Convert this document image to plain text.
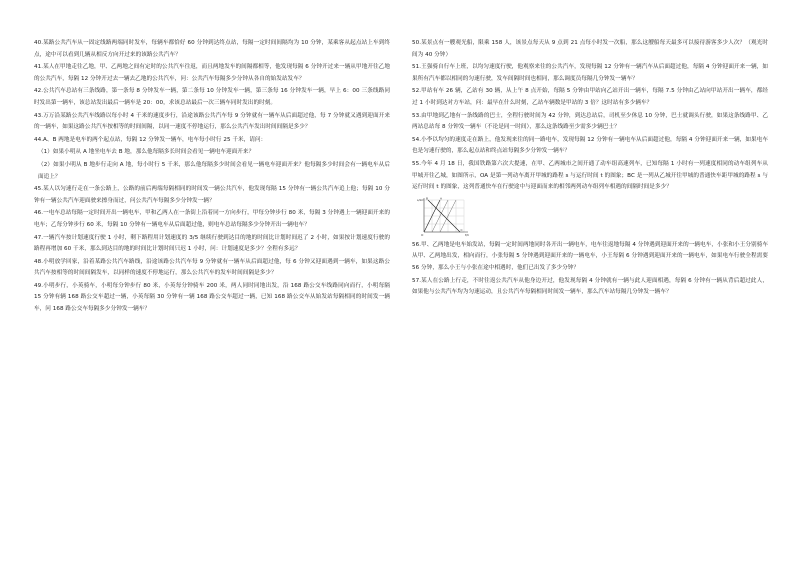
40.某路公共汽车从一固定线路两端同时发车，每辆车都恰好 60 分钟到达终点站，每隔一定时间间隔均为 10 分钟，某乘客从起点站上车到终点，途中可以看到几辆从相反方向开过来的该路公共汽车？

41.某人在甲地走往乙地，甲、乙两地之间有定时的公共汽车往返，而且两地发车的间隔都相等，他发现每隔 6 分钟开过来一辆从甲地开往乙地的公共汽车，每隔 12 分钟开过去一辆去乙地的公共汽车，问：公共汽车每隔多少分钟从各自的始发站发车？

42.公共汽车总站有三条线路，第一条每 8 分钟发车一辆，第二条每 10 分钟发车一辆，第三条每 16 分钟发车一辆，早上 6：00 三条线路同时发出第一辆车，该总站发出最后一辆车是 20：00，求该总站最后一次三辆车同时发出的时刻。

43.万万沿某路公共汽车线路以每小时 4 千米的速度步行，沿途该路公共汽车每 9 分钟就有一辆车从后面超过他，每 7 分钟就又遇到迎面开来的一辆车，如果这路公共汽车按相等的时间间隔，以同一速度不停地运行，那么公共汽车发出时间间隔是多少？

44.A、B 两地是电车的两个起点站，每隔 12 分钟发一辆车，电车每小时行 25 千米，请问：

（1）如果小明从 A 地坐电车去 B 地，那么他每隔多长时间会看见一辆电车迎面开来？

（2）如果小明从 B 地步行走向 A 地，每小时行 5 千米，那么他每隔多少时间会看见一辆电车迎面开来？他每隔多少时间会有一辆电车从后面追上？

45.某人以匀速行走在一条公路上，公路的前后两端每隔相同的时间发一辆公共汽车，他发现每隔 15 分钟有一辆公共汽车追上他；每隔 10 分钟有一辆公共汽车迎面驶来擦身而过，问公共汽车每隔多少分钟发一辆？

46.一电车总站每隔一定时间开出一辆电车，甲和乙两人在一条街上沿着同一方向步行，甲每分钟步行 80 米，每隔 3 分钟遇上一辆迎面开来的电车；乙每分钟步行 60 米，每隔 10 分钟有一辆电车从后面超过他，则电车总站每隔多少分钟开出一辆电车？

47.一辆汽车按计划速度行驶 1 小时，剩下路程用计划速度的 3/5 继续行驶到达目的地的时间比计划时间迟了 2 小时，如果按计划速度行驶的路程再增加 60 千米，那么到达目的地的时间比计划时间只迟 1 小时，问：计划速度是多少？全程有多远？

48.小明放学回家，沿着某路公共汽车路线，沿途该路公共汽车每 9 分钟就有一辆车从后面超过他，每 6 分钟又迎面遇到一辆车，如果这路公共汽车按相等的时间间隔发车，以同样的速度不停地运行，那么公共汽车的发车时间间隔是多少？

49.小明步行，小英骑车，小明每分钟步行 80 米，小英每分钟骑车 200 米，两人同时同地出发，沿 168 路公交车线路同向而行，小明每隔 15 分钟有辆 168 路公交车超过一辆，小英每隔 30 分钟有一辆 168 路公交车超过一辆，已知 168 路公交车从始发站每隔相同的时间发一辆车，问 168 路公交车每隔多少分钟发一辆车？

50.某景点有一艘观光船，限乘 158 人，该景点每天从 9 点到 21 点每小时发一次船，那么这艘船每天最多可以接待游客多少人次？（观光时间为 40 分钟）

51.王强骑自行车上班，以均匀速度行驶，他观察来往的公共汽车，发现每隔 12 分钟有一辆汽车从后面超过他，每隔 4 分钟迎面开来一辆，如果所有汽车都以相同的匀速行驶，发车间隔时间也相同，那么调度员每隔几分钟发一辆车？

52.甲站有车 26 辆，乙站有 30 辆，从上午 8 点开始，每隔 5 分钟由甲站向乙站开出一辆车，每隔 7.5 分钟由乙站向甲站开出一辆车，都经过 1 小时到达对方车站，问：最早在什么时刻，乙站车辆数是甲站的 3 倍？这时站有多少辆车？

53.由甲地到乙地有一条线路的巴士，全程行驶时间为 42 分钟，到达总站后，司机至少休息 10 分钟，巴士就调头行驶，如果这条线路甲、乙两站总站每 8 分钟发一辆车（不论是同一时间），那么这条线路至少需多少辆巴士？

54.小李以均匀的速度走在路上，他发现来往的同一路电车，发现每隔 12 分钟有一辆电车从后面超过他，每隔 4 分钟迎面开来一辆，如果电车也是匀速行驶的，那么起点站和终点站每隔多少分钟发一辆车？

55.今年 4 月 18 日，我国铁路第六次大提速，在甲、乙两城市之间开通了动车组高速列车，已知每隔 1 小时有一列速度相同的动车组列车从甲城开往乙城，如图所示，OA 是第一列动车离开甲城的路程 s 与运行时间 t 的图象；BC 是一列从乙城开往甲城的普通快车距甲城的路程 s 与运行时间 t 的图象，这列普通快车在行驶途中与迎面而来的相邻两列动车组列车相遇的间隔时间是多少？

s/km
t/h
O
A
B
C

56.甲、乙两地是电车始发站，每隔一定时间两地同时各开出一辆电车，电车往返地每隔 4 分钟遇到迎面开来的一辆电车，小张和小王分别骑车从甲、乙两地出发，相向而行，小张每隔 5 分钟遇到迎面开来的一辆电车，小王每隔 6 分钟遇到迎面开来的一辆电车，如果电车行驶全程需要 56 分钟，那么小王与小张在途中相遇时，他们已出发了多少分钟？

57.某人在公路上行走，不时往返公共汽车从他身边开过，他发现每隔 4 分钟就有一辆与此人迎面相遇，每隔 6 分钟有一辆从背后超过此人，如果他与公共汽车均为匀速运动，且公共汽车每隔相同时间发一辆车，那么汽车站每隔几分钟发一辆车？
